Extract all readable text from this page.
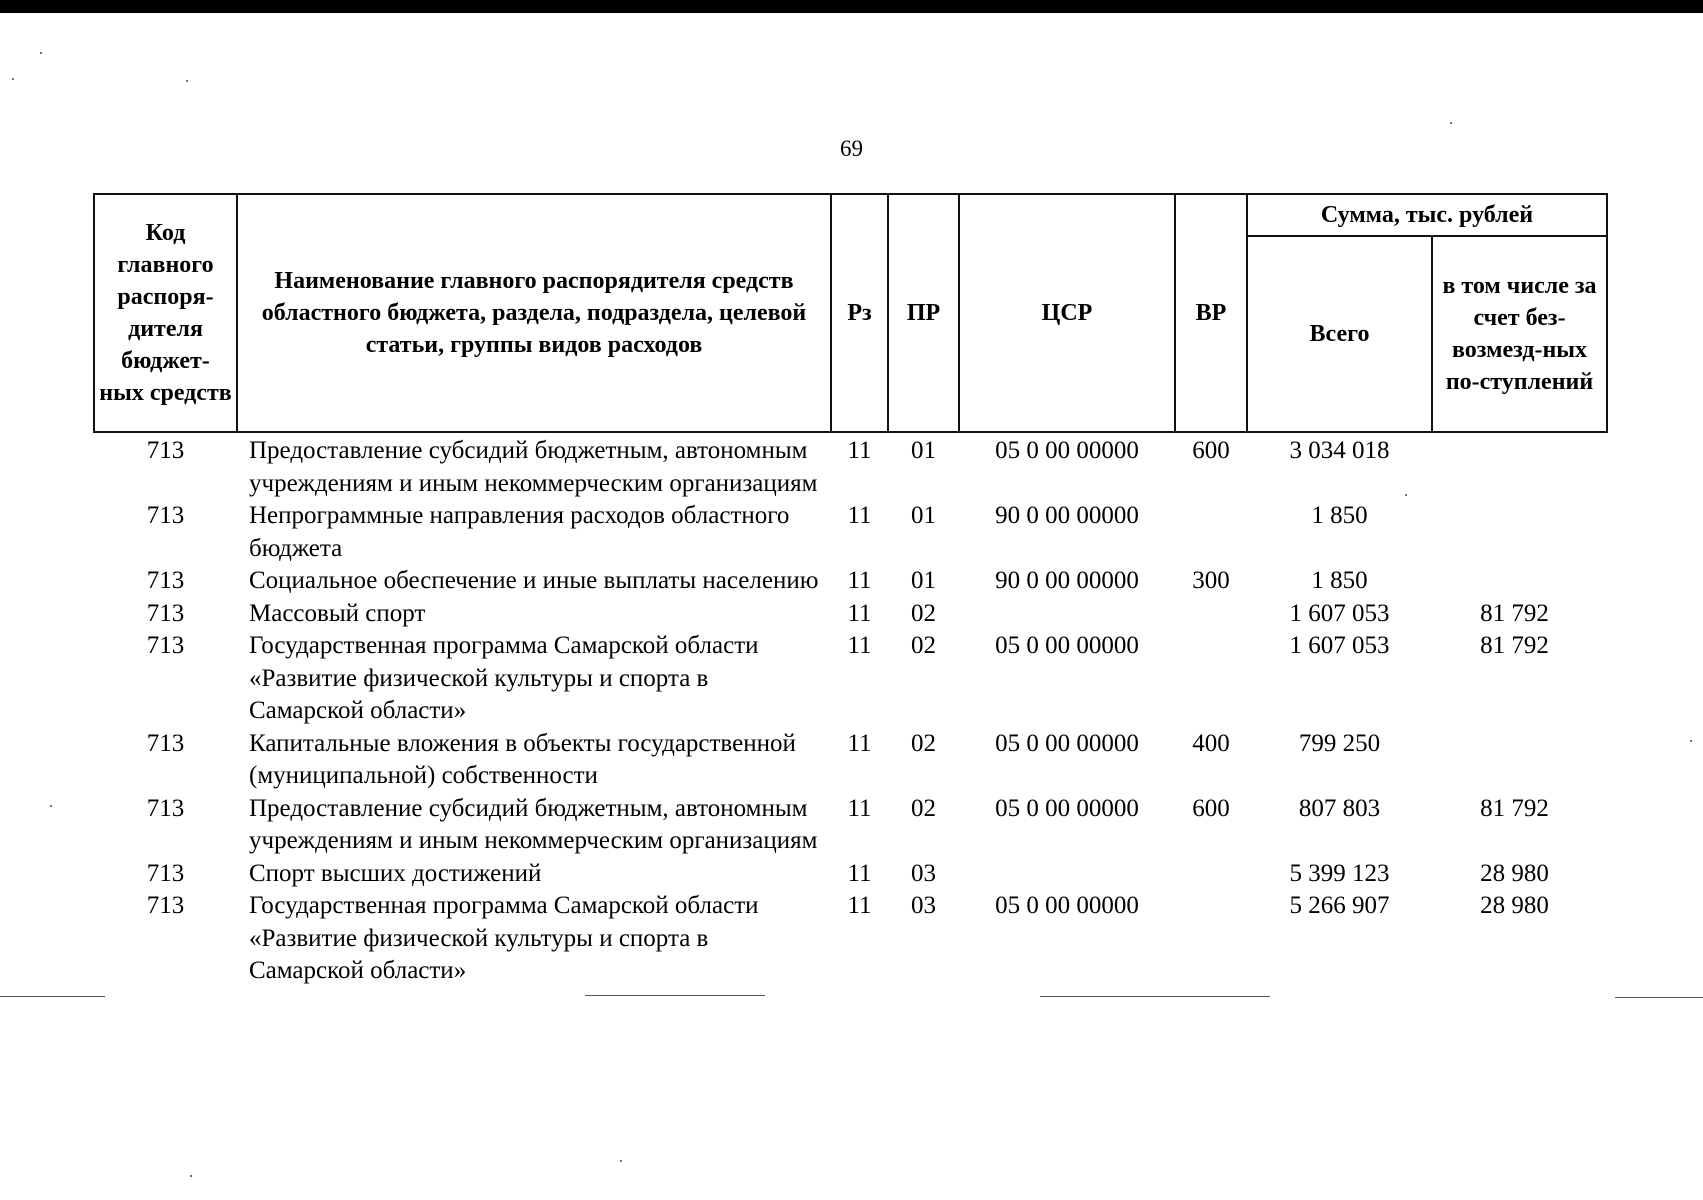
69
Код главного распоря-дителя бюджет-ных средств	Наименование главного распорядителя средств областного бюджета, раздела, подраздела, целевой статьи, группы видов расходов	Рз	ПР	ЦСР	ВР	Сумма, тыс. рублей	
						Всего	в том числе за счет без-возмезд-ных по-ступлений
713	Предоставление субсидий бюджетным, автономным учреждениям и иным некоммерческим организациям	11	01	05 0 00 00000	600	3 034 018	
713	Непрограммные направления расходов областного бюджета	11	01	90 0 00 00000		1 850	
713	Социальное обеспечение и иные выплаты населению	11	01	90 0 00 00000	300	1 850	
713	Массовый спорт	11	02			1 607 053	81 792
713	Государственная программа Самарской области «Развитие физической культуры и спорта в Самарской области»	11	02	05 0 00 00000		1 607 053	81 792
713	Капитальные вложения в объекты государственной (муниципальной) собственности	11	02	05 0 00 00000	400	799 250	
713	Предоставление субсидий бюджетным, автономным учреждениям и иным некоммерческим организациям	11	02	05 0 00 00000	600	807 803	81 792
713	Спорт высших достижений	11	03			5 399 123	28 980
713	Государственная программа Самарской области «Развитие физической культуры и спорта в Самарской области»	11	03	05 0 00 00000		5 266 907	28 980
